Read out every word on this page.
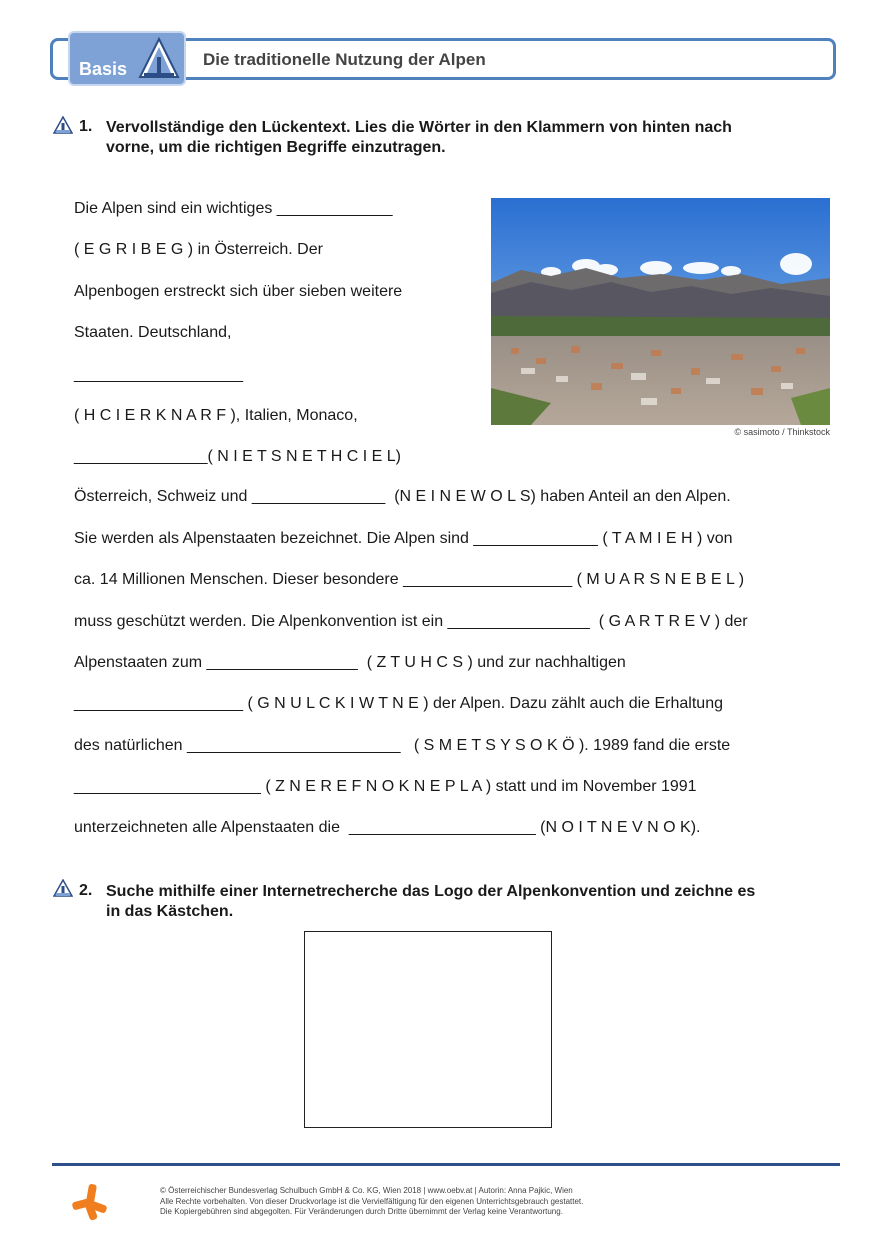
Basis	Die traditionelle Nutzung der Alpen
1. Vervollständige den Lückentext. Lies die Wörter in den Klammern von hinten nach
vorne, um die richtigen Begriffe einzutragen.
Die Alpen sind ein wichtiges _____________
( E G R I B E G ) in Österreich. Der
Alpenbogen erstreckt sich über sieben weitere
Staaten. Deutschland,
___________________
( H C I E R K N A R F ), Italien, Monaco,
_______________( N I E T S N E T H C I E L)
Österreich, Schweiz und _______________  (N E I N E W O L S) haben Anteil an den Alpen.
Sie werden als Alpenstaaten bezeichnet. Die Alpen sind ______________ ( T A M I E H ) von
ca. 14 Millionen Menschen. Dieser besondere ___________________ ( M U A R S N E B E L )
muss geschützt werden. Die Alpenkonvention ist ein ________________  ( G A R T R E V ) der
Alpenstaaten zum _________________  ( Z T U H C S ) und zur nachhaltigen
___________________ ( G N U L C K I W T N E ) der Alpen. Dazu zählt auch die Erhaltung
des natürlichen ________________________   ( S M E T S Y S O K Ö ). 1989 fand die erste
_____________________ ( Z N E R E F N O K N E P L A ) statt und im November 1991
unterzeichneten alle Alpenstaaten die  _____________________ (N O I T N E V N O K).
© sasimoto / Thinkstock
2. Suche mithilfe einer Internetrecherche das Logo der Alpenkonvention und zeichne es
in das Kästchen.
© Österreichischer Bundesverlag Schulbuch GmbH & Co. KG, Wien 2018 | www.oebv.at | Autorin: Anna Pajkic, Wien
Alle Rechte vorbehalten. Von dieser Druckvorlage ist die Vervielfältigung für den eigenen Unterrichtsgebrauch gestattet.
Die Kopiergebühren sind abgegolten. Für Veränderungen durch Dritte übernimmt der Verlag keine Verantwortung.
